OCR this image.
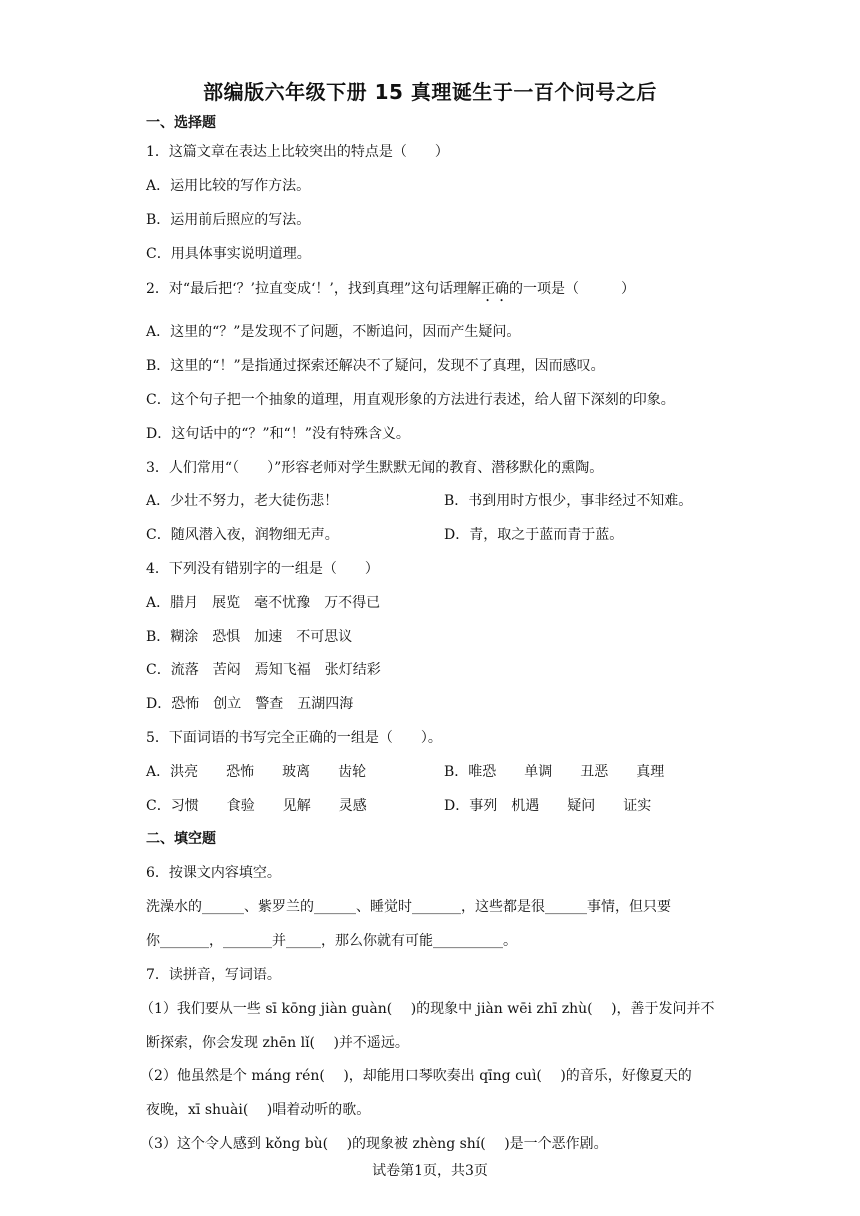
部编版六年级下册 15 真理诞生于一百个问号之后
一、选择题
1．这篇文章在表达上比较突出的特点是（　　）
A．运用比较的写作方法。
B．运用前后照应的写法。
C．用具体事实说明道理。
2．对“最后把‘？’拉直变成‘！’，找到真理”这句话理解正确的一项是（　　　）
A．这里的“？”是发现不了问题，不断追问，因而产生疑问。
B．这里的“！”是指通过探索还解决不了疑问，发现不了真理，因而感叹。
C．这个句子把一个抽象的道理，用直观形象的方法进行表述，给人留下深刻的印象。
D．这句话中的“？”和“！”没有特殊含义。
3．人们常用“（　　）”形容老师对学生默默无闻的教育、潜移默化的熏陶。
A．少壮不努力，老大徒伤悲！	B．书到用时方恨少，事非经过不知难。
C．随风潜入夜，润物细无声。	D．青，取之于蓝而青于蓝。
4．下列没有错别字的一组是（　　）
A．腊月　展览　毫不忧豫　万不得已
B．糊涂　恐惧　加速　不可思议
C．流落　苦闷　焉知飞福　张灯结彩
D．恐怖　创立　警查　五湖四海
5．下面词语的书写完全正确的一组是（　　）。
A．洪亮　　恐怖　　玻离　　齿轮	B．唯恐　　单调　　丑恶　　真理
C．习惯　　食验　　见解　　灵感	D．事列　机遇　　疑问　　证实
二、填空题
6．按课文内容填空。
洗澡水的______、紫罗兰的______、睡觉时_______，这些都是很______事情，但只要
你_______，_______并_____，那么你就有可能__________。
7．读拼音，写词语。
（1）我们要从一些 sī kōng jiàn guàn(　 )的现象中 jiàn wēi zhī zhù(　 )，善于发问并不
断探索，你会发现 zhēn lǐ(　 )并不遥远。
（2）他虽然是个 máng rén(　 )，却能用口琴吹奏出 qīng cuì(　 )的音乐，好像夏天的
夜晚，xī shuài(　 )唱着动听的歌。
（3）这个令人感到 kǒng bù(　 )的现象被 zhèng shí(　 )是一个恶作剧。
试卷第1页，共3页
